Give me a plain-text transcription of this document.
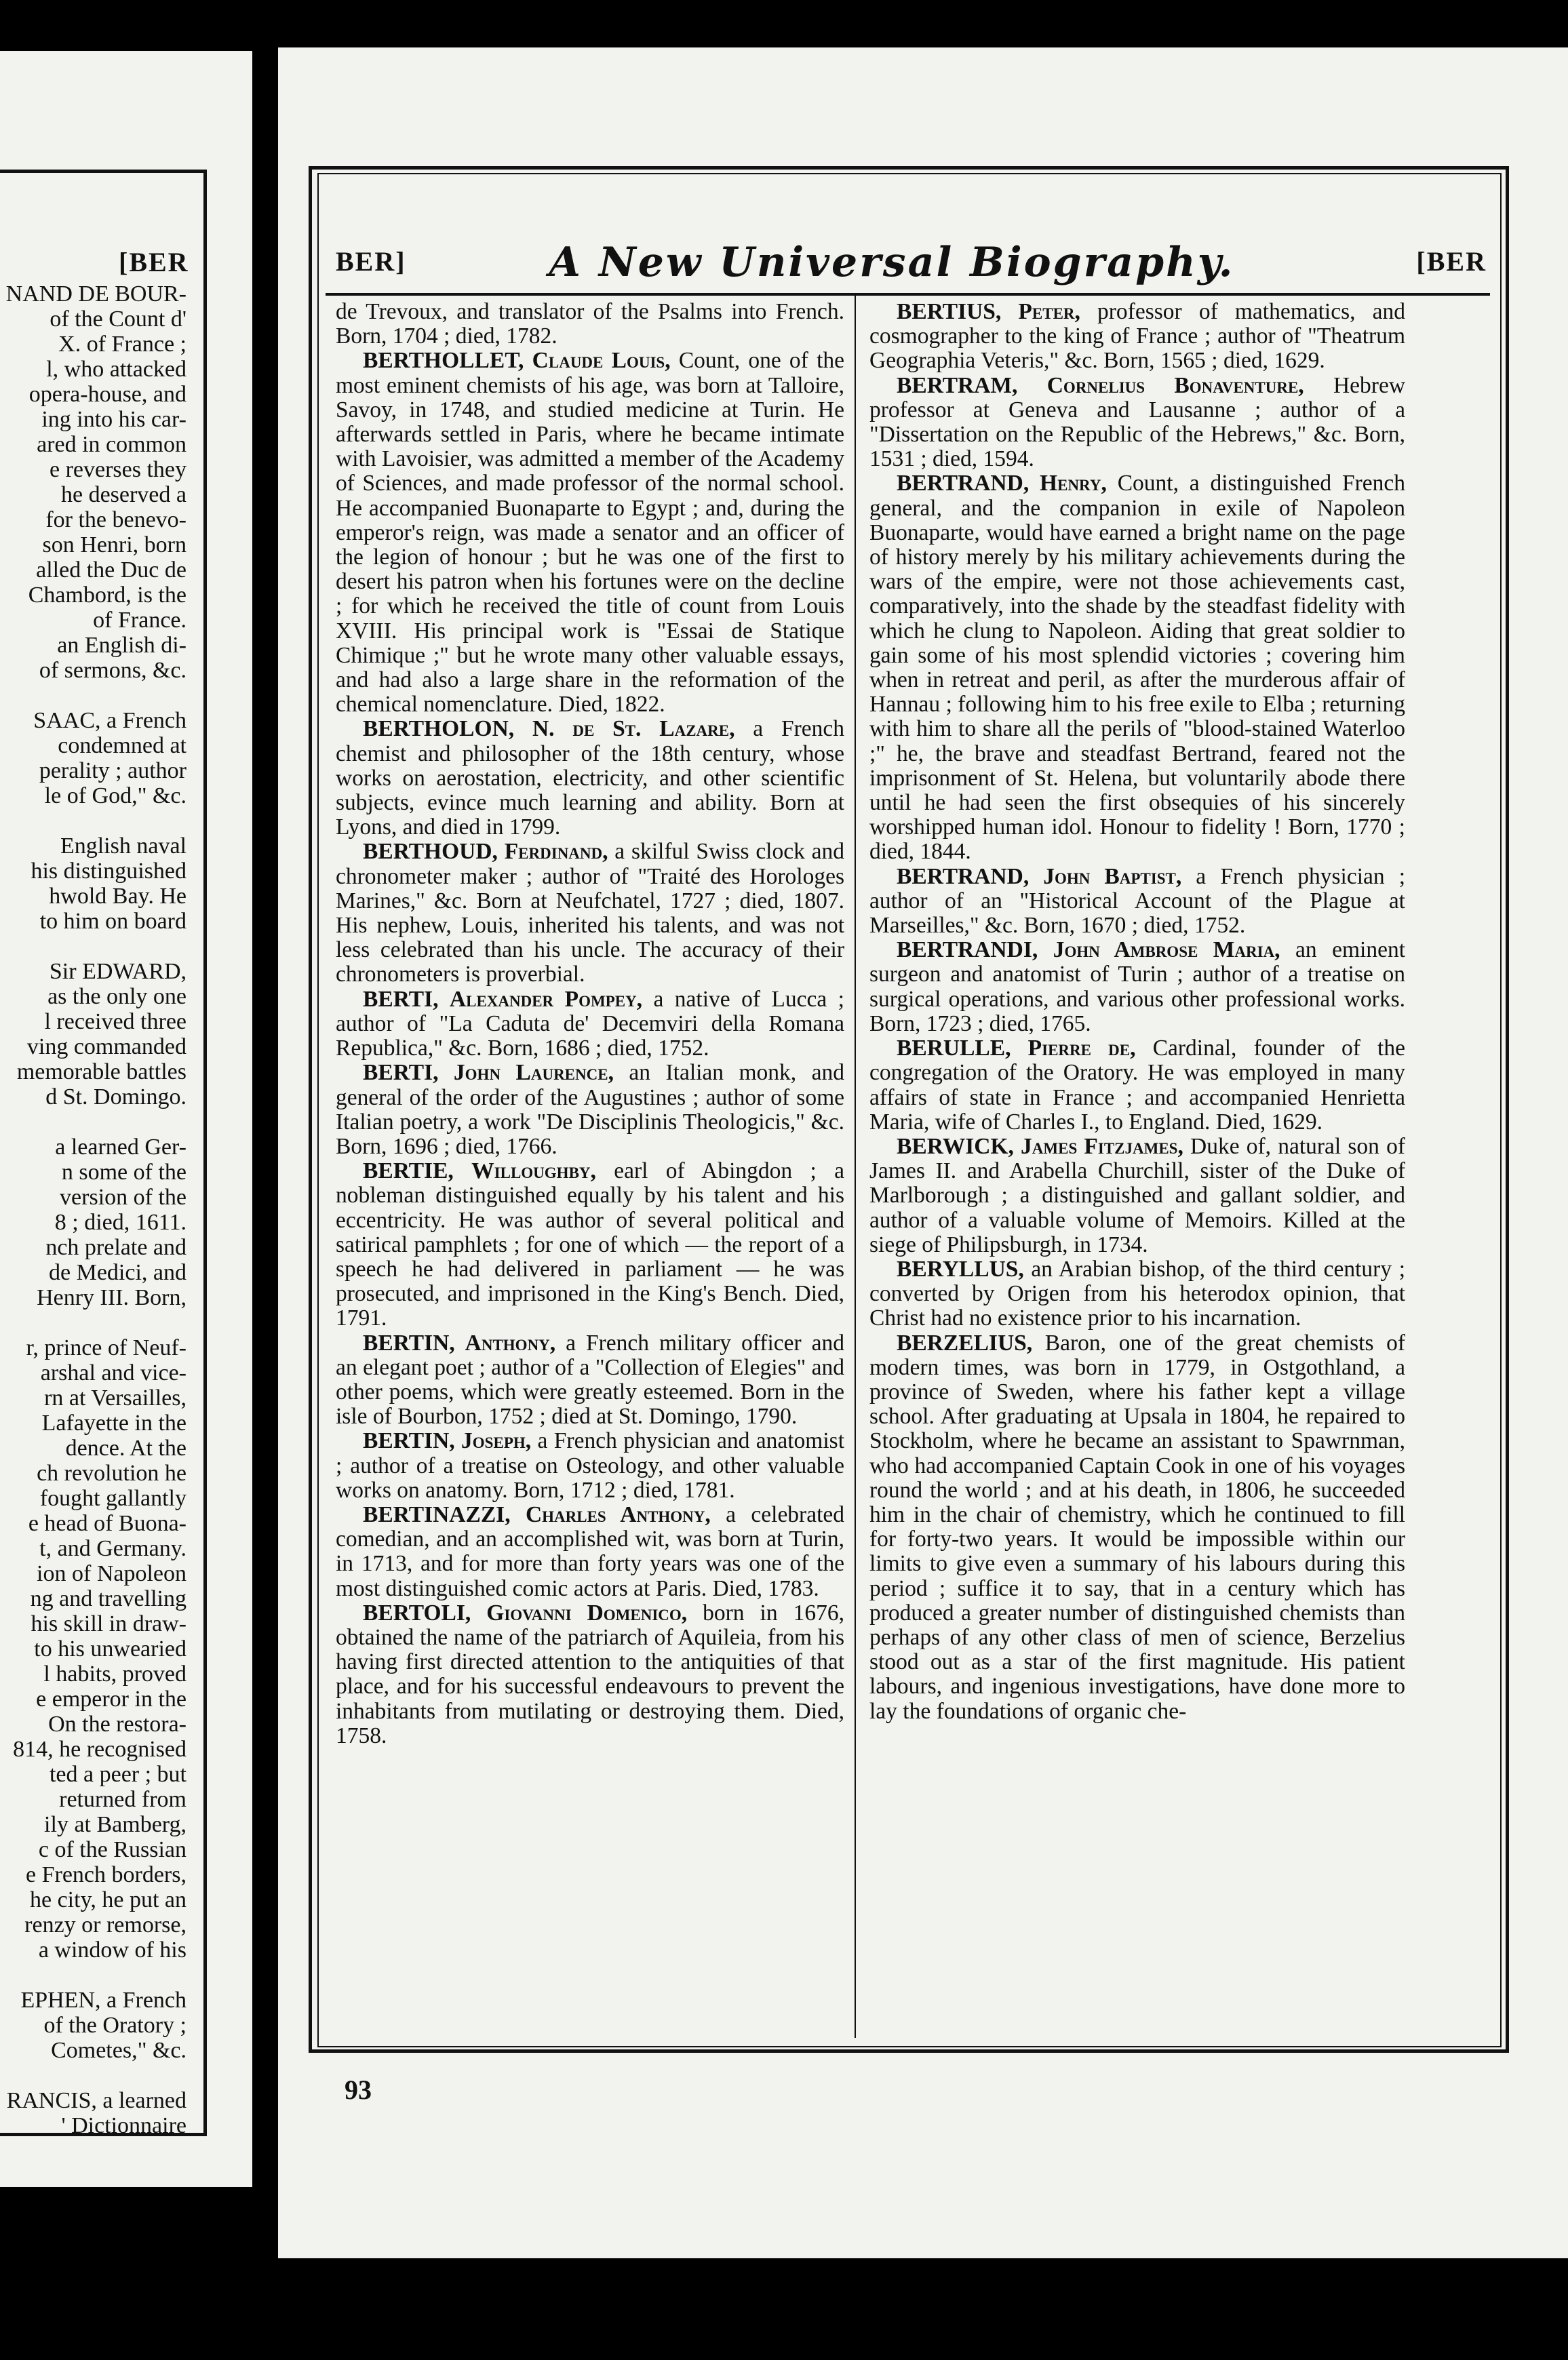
[BER
NAND DE BOUR-
of the Count d'
X. of France ;
l, who attacked
opera-house, and
ing into his car-
ared in common
e reverses they
he deserved a
for the benevo-
son Henri, born
alled the Duc de
Chambord, is the
of France.
an English di-
of sermons, &c.

SAAC, a French
condemned at
perality ; author
le of God," &c.

English naval
his distinguished
hwold Bay. He
to him on board

Sir EDWARD,
as the only one
l received three
ving commanded
memorable battles
d St. Domingo.

a learned Ger-
n some of the
version of the
8 ; died, 1611.
nch prelate and
de Medici, and
Henry III. Born,

r, prince of Neuf-
arshal and vice-
rn at Versailles,
Lafayette in the
dence. At the
ch revolution he
fought gallantly
e head of Buona-
t, and Germany.
ion of Napoleon
ng and travelling
his skill in draw-
to his unwearied
l habits, proved
e emperor in the
On the restora-
814, he recognised
ted a peer ; but
returned from
ily at Bamberg,
c of the Russian
e French borders,
he city, he put an
renzy or remorse,
a window of his

EPHEN, a French
of the Oratory ;
Cometes," &c.

RANCIS, a learned
' Dictionnaire
BER]	A New Universal Biography.	[BER

de Trevoux, and translator of the Psalms into French. Born, 1704 ; died, 1782.

BERTHOLLET, Claude Louis, Count, one of the most eminent chemists of his age, was born at Talloire, Savoy, in 1748, and studied medicine at Turin. He afterwards settled in Paris, where he became intimate with Lavoisier, was admitted a member of the Academy of Sciences, and made professor of the normal school. He accompanied Buonaparte to Egypt ; and, during the emperor's reign, was made a senator and an officer of the legion of honour ; but he was one of the first to desert his patron when his fortunes were on the decline ; for which he received the title of count from Louis XVIII. His principal work is "Essai de Statique Chimique ;" but he wrote many other valuable essays, and had also a large share in the reformation of the chemical nomenclature. Died, 1822.

BERTHOLON, N. de St. Lazare, a French chemist and philosopher of the 18th century, whose works on aerostation, electricity, and other scientific subjects, evince much learning and ability. Born at Lyons, and died in 1799.

BERTHOUD, Ferdinand, a skilful Swiss clock and chronometer maker ; author of "Traité des Horologes Marines," &c. Born at Neufchatel, 1727 ; died, 1807. His nephew, Louis, inherited his talents, and was not less celebrated than his uncle. The accuracy of their chronometers is proverbial.

BERTI, Alexander Pompey, a native of Lucca ; author of "La Caduta de' Decemviri della Romana Republica," &c. Born, 1686 ; died, 1752.

BERTI, John Laurence, an Italian monk, and general of the order of the Augustines ; author of some Italian poetry, a work "De Disciplinis Theologicis," &c. Born, 1696 ; died, 1766.

BERTIE, Willoughby, earl of Abingdon ; a nobleman distinguished equally by his talent and his eccentricity. He was author of several political and satirical pamphlets ; for one of which — the report of a speech he had delivered in parliament — he was prosecuted, and imprisoned in the King's Bench. Died, 1791.

BERTIN, Anthony, a French military officer and an elegant poet ; author of a "Collection of Elegies" and other poems, which were greatly esteemed. Born in the isle of Bourbon, 1752 ; died at St. Domingo, 1790.

BERTIN, Joseph, a French physician and anatomist ; author of a treatise on Osteology, and other valuable works on anatomy. Born, 1712 ; died, 1781.

BERTINAZZI, Charles Anthony, a celebrated comedian, and an accomplished wit, was born at Turin, in 1713, and for more than forty years was one of the most distinguished comic actors at Paris. Died, 1783.

BERTOLI, Giovanni Domenico, born in 1676, obtained the name of the patriarch of Aquileia, from his having first directed attention to the antiquities of that place, and for his successful endeavours to prevent the inhabitants from mutilating or destroying them. Died, 1758.

BERTIUS, Peter, professor of mathematics, and cosmographer to the king of France ; author of "Theatrum Geographia Veteris," &c. Born, 1565 ; died, 1629.

BERTRAM, Cornelius Bonaventure, Hebrew professor at Geneva and Lausanne ; author of a "Dissertation on the Republic of the Hebrews," &c. Born, 1531 ; died, 1594.

BERTRAND, Henry, Count, a distinguished French general, and the companion in exile of Napoleon Buonaparte, would have earned a bright name on the page of history merely by his military achievements during the wars of the empire, were not those achievements cast, comparatively, into the shade by the steadfast fidelity with which he clung to Napoleon. Aiding that great soldier to gain some of his most splendid victories ; covering him when in retreat and peril, as after the murderous affair of Hannau ; following him to his free exile to Elba ; returning with him to share all the perils of "blood-stained Waterloo ;" he, the brave and steadfast Bertrand, feared not the imprisonment of St. Helena, but voluntarily abode there until he had seen the first obsequies of his sincerely worshipped human idol. Honour to fidelity ! Born, 1770 ; died, 1844.

BERTRAND, John Baptist, a French physician ; author of an "Historical Account of the Plague at Marseilles," &c. Born, 1670 ; died, 1752.

BERTRANDI, John Ambrose Maria, an eminent surgeon and anatomist of Turin ; author of a treatise on surgical operations, and various other professional works. Born, 1723 ; died, 1765.

BERULLE, Pierre de, Cardinal, founder of the congregation of the Oratory. He was employed in many affairs of state in France ; and accompanied Henrietta Maria, wife of Charles I., to England. Died, 1629.

BERWICK, James Fitzjames, Duke of, natural son of James II. and Arabella Churchill, sister of the Duke of Marlborough ; a distinguished and gallant soldier, and author of a valuable volume of Memoirs. Killed at the siege of Philipsburgh, in 1734.

BERYLLUS, an Arabian bishop, of the third century ; converted by Origen from his heterodox opinion, that Christ had no existence prior to his incarnation.

BERZELIUS, Baron, one of the great chemists of modern times, was born in 1779, in Ostgothland, a province of Sweden, where his father kept a village school. After graduating at Upsala in 1804, he repaired to Stockholm, where he became an assistant to Spawrnman, who had accompanied Captain Cook in one of his voyages round the world ; and at his death, in 1806, he succeeded him in the chair of chemistry, which he continued to fill for forty-two years. It would be impossible within our limits to give even a summary of his labours during this period ; suffice it to say, that in a century which has produced a greater number of distinguished chemists than perhaps of any other class of men of science, Berzelius stood out as a star of the first magnitude. His patient labours, and ingenious investigations, have done more to lay the foundations of organic che-

93
